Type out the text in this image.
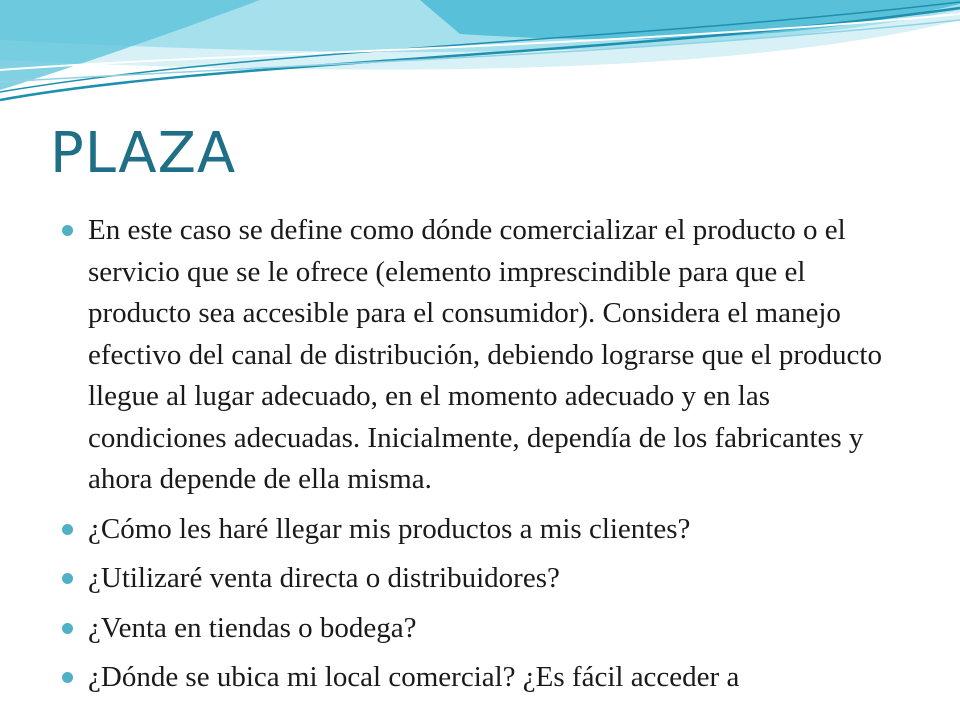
PLAZA
En este caso se define como dónde comercializar el producto o el servicio que se le ofrece (elemento imprescindible para que el producto sea accesible para el consumidor). Considera el manejo efectivo del canal de distribución, debiendo lograrse que el producto llegue al lugar adecuado, en el momento adecuado y en las condiciones adecuadas. Inicialmente, dependía de los fabricantes y ahora depende de ella misma.
¿Cómo les haré llegar mis productos a mis clientes?
¿Utilizaré venta directa o distribuidores?
¿Venta en tiendas o bodega?
¿Dónde se ubica mi local comercial? ¿Es fácil acceder a
